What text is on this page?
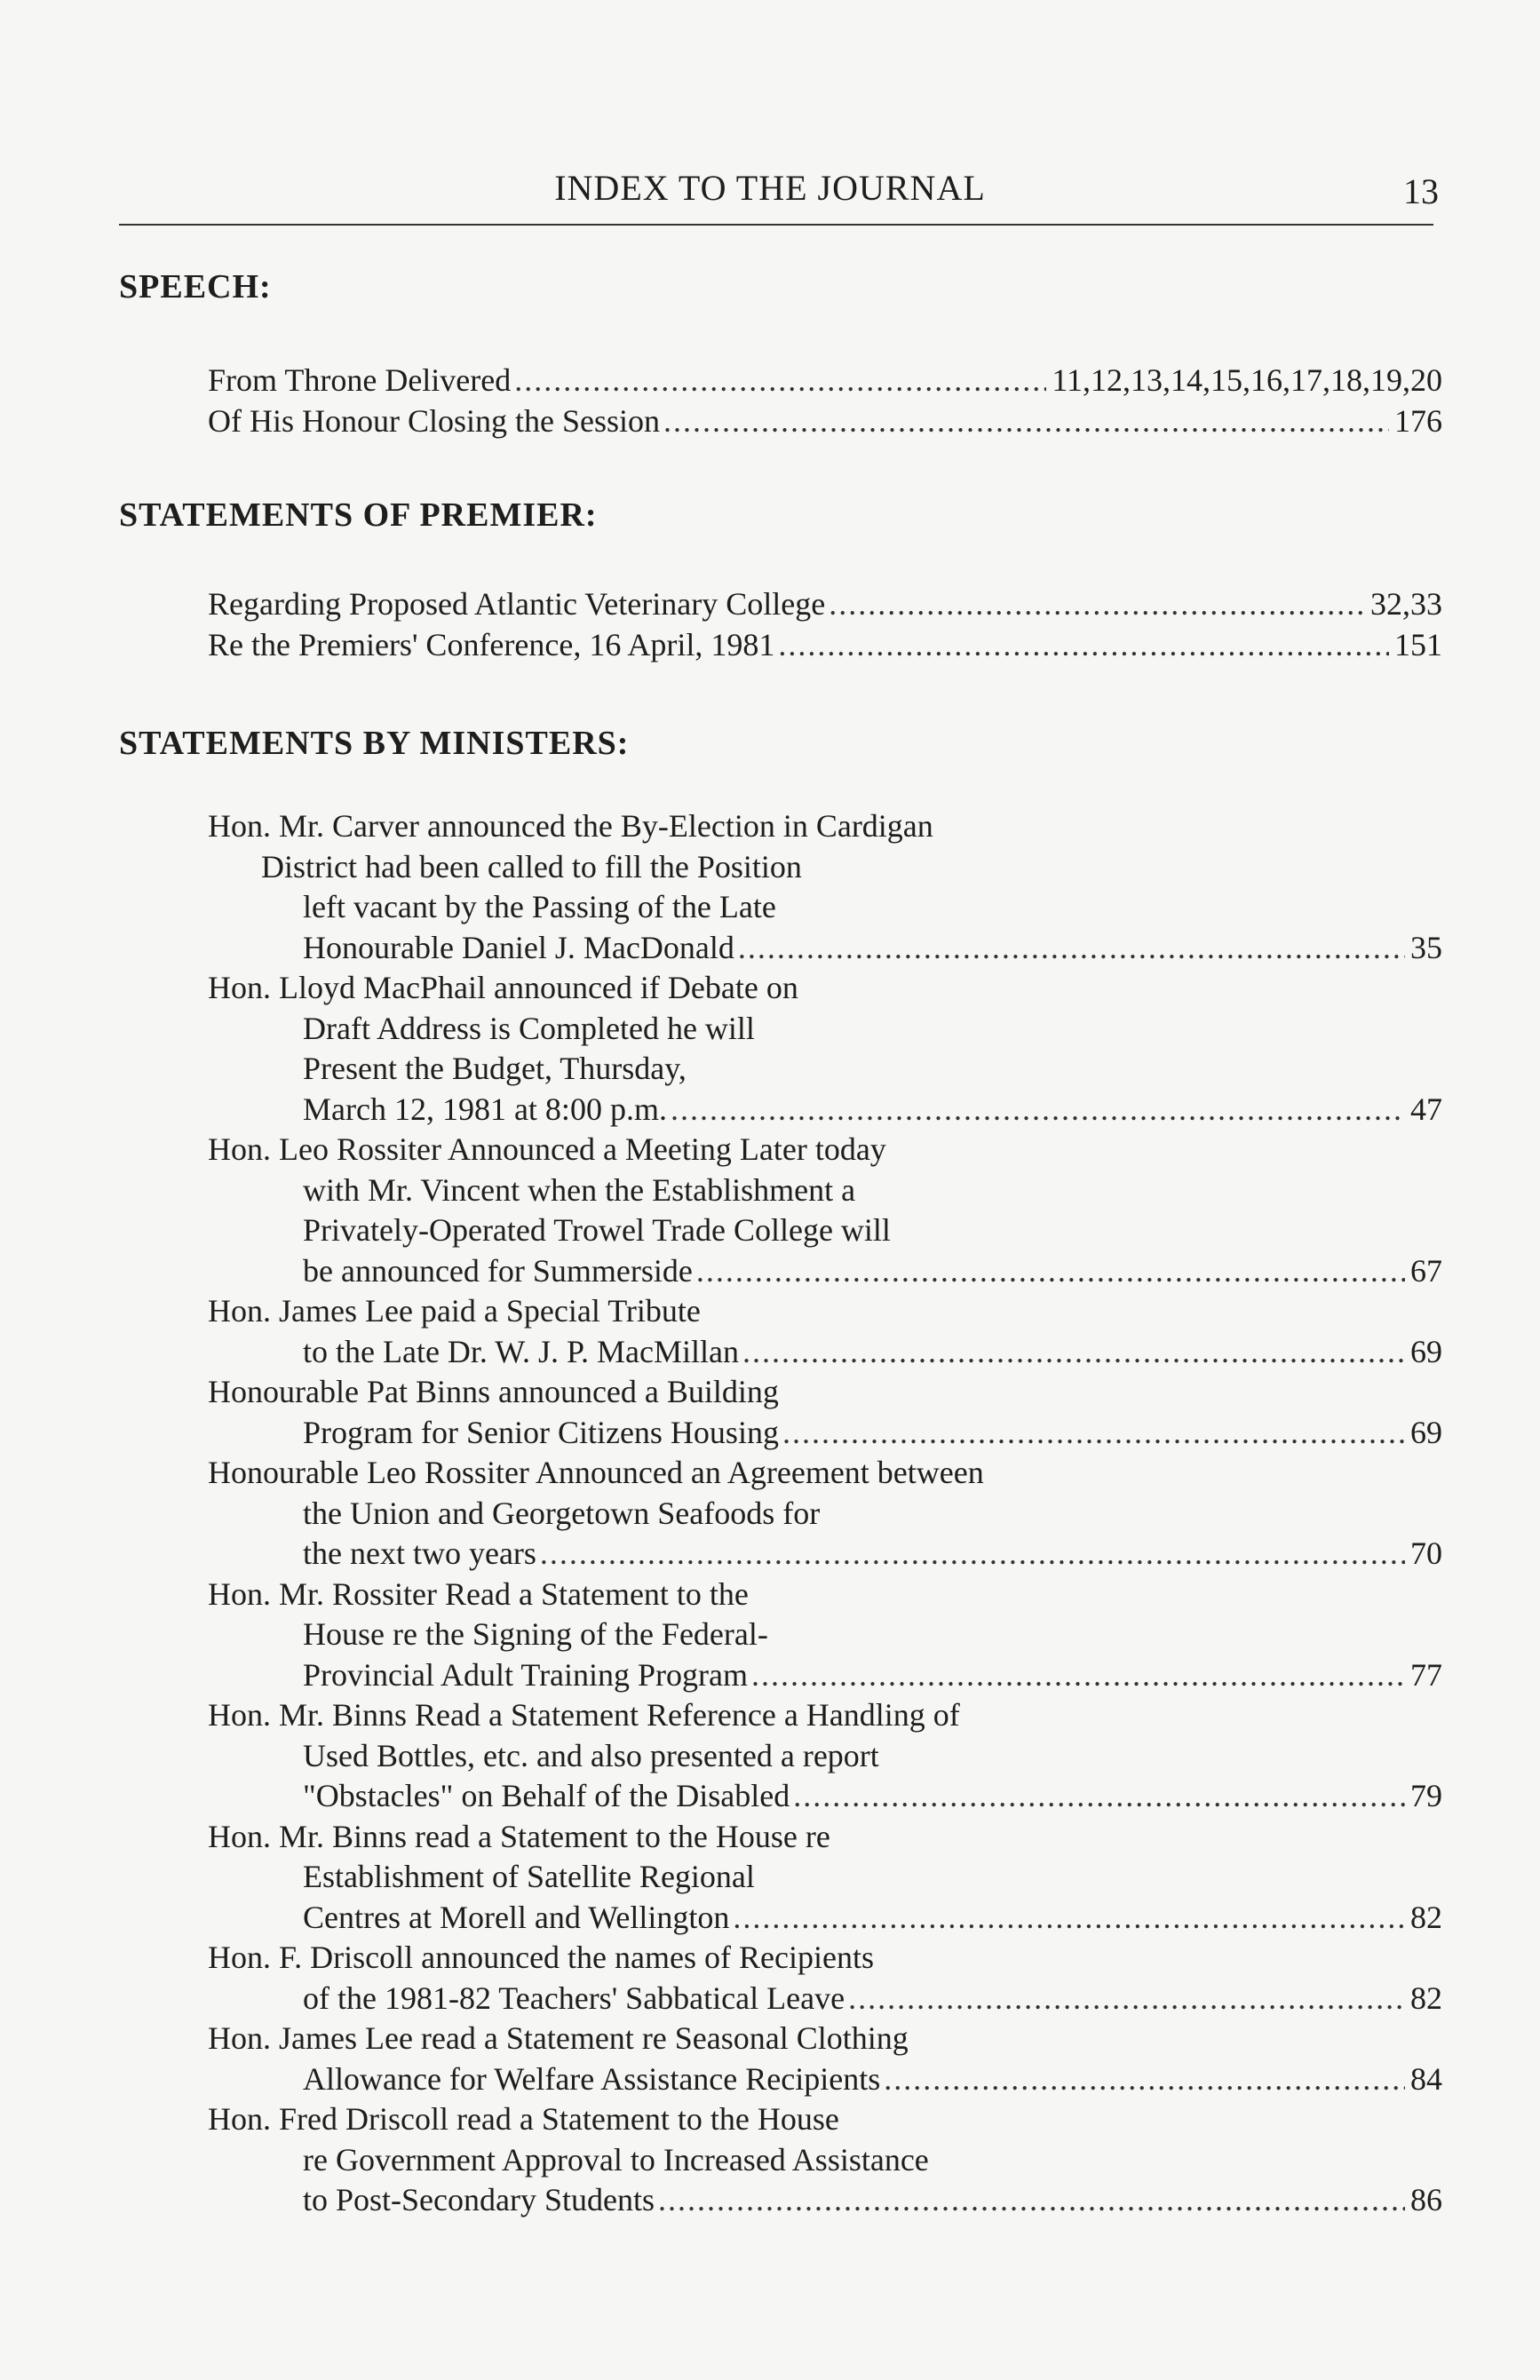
INDEX TO THE JOURNAL	13
SPEECH:
From Throne Delivered .....	11,12,13,14,15,16,17,18,19,20
Of His Honour Closing the Session .....	176
STATEMENTS OF PREMIER:
Regarding Proposed Atlantic Veterinary College .....	32,33
Re the Premiers' Conference, 16 April, 1981 .....	151
STATEMENTS BY MINISTERS:
Hon. Mr. Carver announced the By-Election in Cardigan
District had been called to fill the Position
left vacant by the Passing of the Late
Honourable Daniel J. MacDonald .....	35
Hon. Lloyd MacPhail announced if Debate on
Draft Address is Completed he will
Present the Budget, Thursday,
March 12, 1981 at 8:00 p.m. .....	47
Hon. Leo Rossiter Announced a Meeting Later today
with Mr. Vincent when the Establishment a
Privately-Operated Trowel Trade College will
be announced for Summerside .....	67
Hon. James Lee paid a Special Tribute
to the Late Dr. W. J. P. MacMillan .....	69
Honourable Pat Binns announced a Building
Program for Senior Citizens Housing .....	69
Honourable Leo Rossiter Announced an Agreement between
the Union and Georgetown Seafoods for
the next two years .....	70
Hon. Mr. Rossiter Read a Statement to the
House re the Signing of the Federal-
Provincial Adult Training Program .....	77
Hon. Mr. Binns Read a Statement Reference a Handling of
Used Bottles, etc. and also presented a report
"Obstacles" on Behalf of the Disabled .....	79
Hon. Mr. Binns read a Statement to the House re
Establishment of Satellite Regional
Centres at Morell and Wellington .....	82
Hon. F. Driscoll announced the names of Recipients
of the 1981-82 Teachers' Sabbatical Leave .....	82
Hon. James Lee read a Statement re Seasonal Clothing
Allowance for Welfare Assistance Recipients .....	84
Hon. Fred Driscoll read a Statement to the House
re Government Approval to Increased Assistance
to Post-Secondary Students .....	86
